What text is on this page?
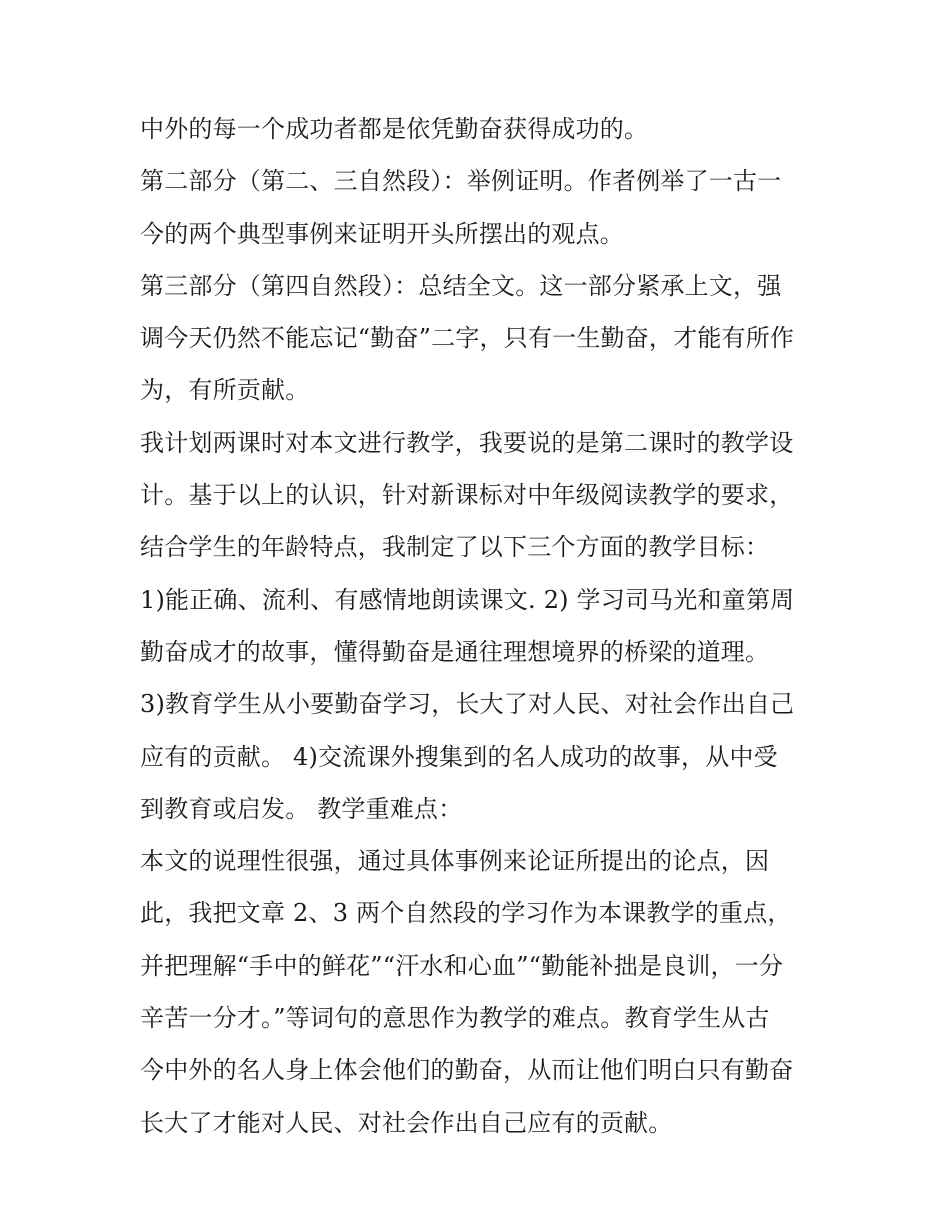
中外的每一个成功者都是依凭勤奋获得成功的。
第二部分（第二、三自然段）：举例证明。作者例举了一古一
今的两个典型事例来证明开头所摆出的观点。
第三部分（第四自然段）：总结全文。这一部分紧承上文，强
调今天仍然不能忘记“勤奋”二字，只有一生勤奋，才能有所作
为，有所贡献。
我计划两课时对本文进行教学，我要说的是第二课时的教学设
计。基于以上的认识，针对新课标对中年级阅读教学的要求，
结合学生的年龄特点，我制定了以下三个方面的教学目标：
1)能正确、流利、有感情地朗读课文. 2) 学习司马光和童第周
勤奋成才的故事，懂得勤奋是通往理想境界的桥梁的道理。
3)教育学生从小要勤奋学习，长大了对人民、对社会作出自己
应有的贡献。 4)交流课外搜集到的名人成功的故事，从中受
到教育或启发。 教学重难点：
本文的说理性很强，通过具体事例来论证所提出的论点，因
此，我把文章 2、3 两个自然段的学习作为本课教学的重点，
并把理解“手中的鲜花”“汗水和心血”“勤能补拙是良训，一分
辛苦一分才。”等词句的意思作为教学的难点。教育学生从古
今中外的名人身上体会他们的勤奋，从而让他们明白只有勤奋
长大了才能对人民、对社会作出自己应有的贡献。
